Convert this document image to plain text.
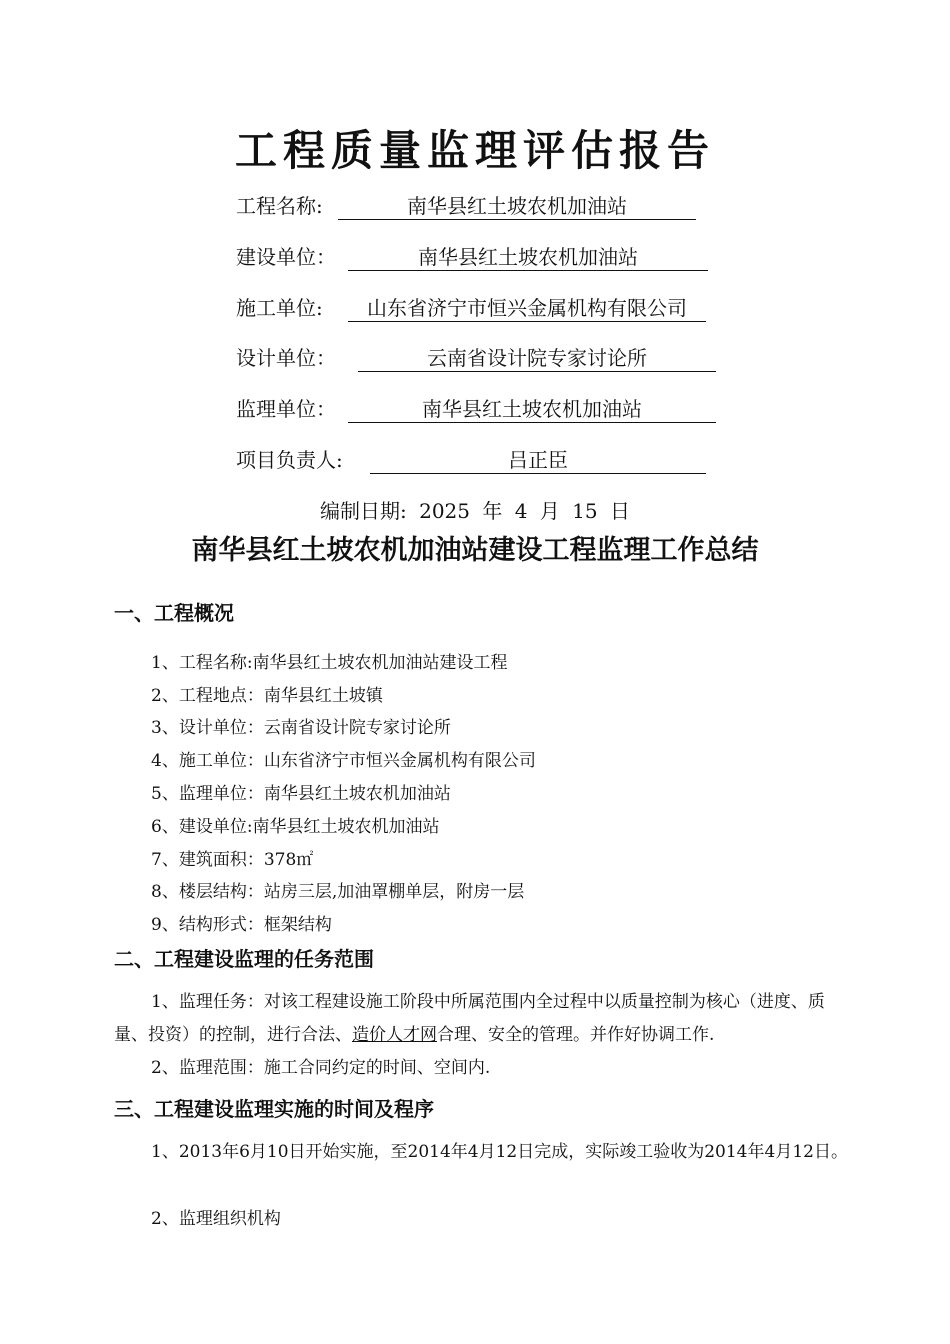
工程质量监理评估报告
工程名称:	南华县红土坡农机加油站
建设单位：	南华县红土坡农机加油站
施工单位:	山东省济宁市恒兴金属机构有限公司
设计单位：	云南省设计院专家讨论所
监理单位：	南华县红土坡农机加油站
项目负责人:	吕正臣
编制日期: 2025 年 4 月 15 日
南华县红土坡农机加油站建设工程监理工作总结
一、工程概况
1、工程名称:南华县红土坡农机加油站建设工程
2、工程地点：南华县红土坡镇
3、设计单位：云南省设计院专家讨论所
4、施工单位：山东省济宁市恒兴金属机构有限公司
5、监理单位：南华县红土坡农机加油站
6、建设单位:南华县红土坡农机加油站
7、建筑面积：378㎡
8、楼层结构：站房三层,加油罩棚单层，附房一层
9、结构形式：框架结构
二、工程建设监理的任务范围
1、监理任务：对该工程建设施工阶段中所属范围内全过程中以质量控制为核心（进度、质量、投资）的控制，进行合法、造价人才网合理、安全的管理。并作好协调工作.
2、监理范围：施工合同约定的时间、空间内.
三、工程建设监理实施的时间及程序
1、2013年6月10日开始实施，至2014年4月12日完成，实际竣工验收为2014年4月12日。
2、监理组织机构
